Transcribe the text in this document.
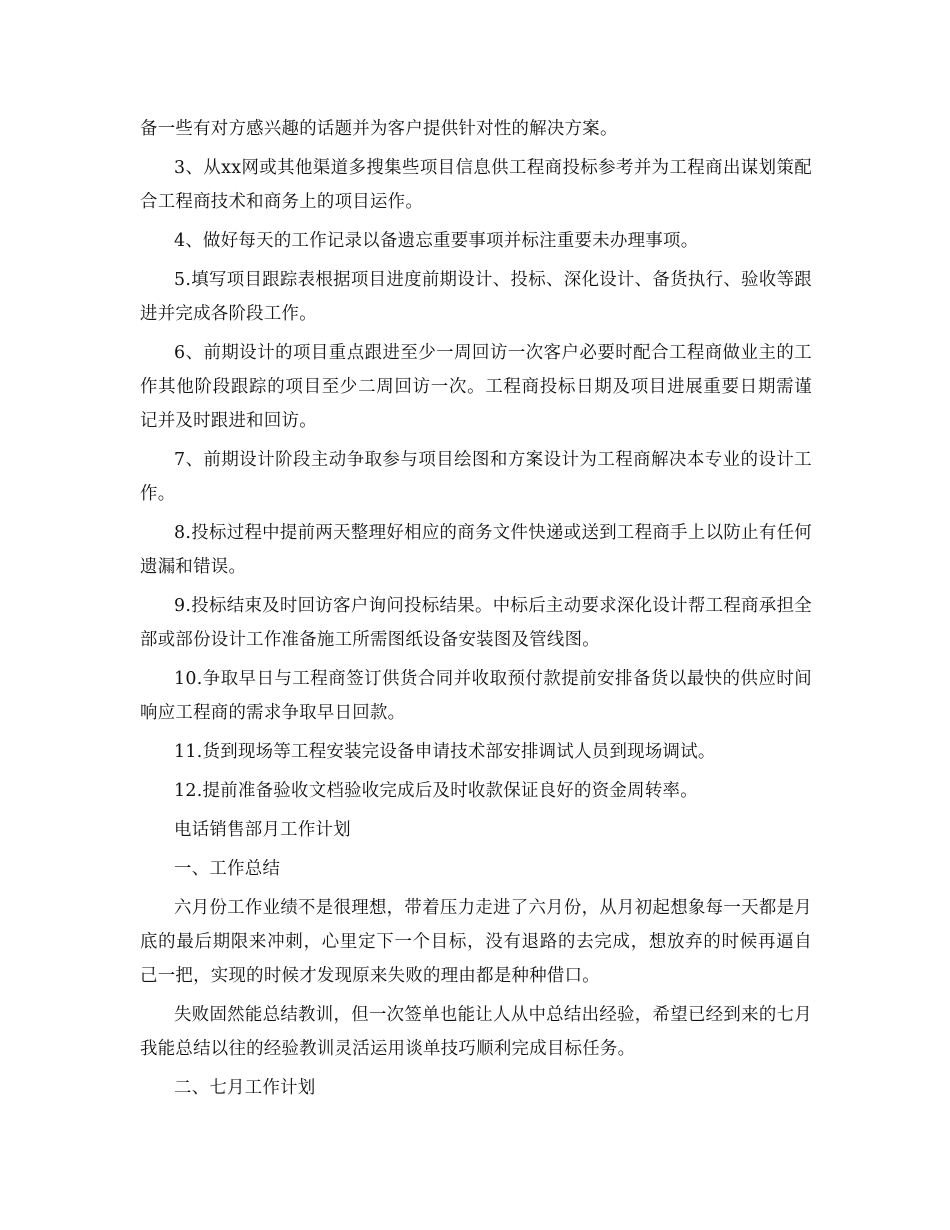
备一些有对方感兴趣的话题并为客户提供针对性的解决方案。

3、从xx网或其他渠道多搜集些项目信息供工程商投标参考并为工程商出谋划策配合工程商技术和商务上的项目运作。

4、做好每天的工作记录以备遗忘重要事项并标注重要未办理事项。

5.填写项目跟踪表根据项目进度前期设计、投标、深化设计、备货执行、验收等跟进并完成各阶段工作。

6、前期设计的项目重点跟进至少一周回访一次客户必要时配合工程商做业主的工作其他阶段跟踪的项目至少二周回访一次。工程商投标日期及项目进展重要日期需谨记并及时跟进和回访。

7、前期设计阶段主动争取参与项目绘图和方案设计为工程商解决本专业的设计工作。

8.投标过程中提前两天整理好相应的商务文件快递或送到工程商手上以防止有任何遗漏和错误。

9.投标结束及时回访客户询问投标结果。中标后主动要求深化设计帮工程商承担全部或部份设计工作准备施工所需图纸设备安装图及管线图。

10.争取早日与工程商签订供货合同并收取预付款提前安排备货以最快的供应时间响应工程商的需求争取早日回款。

11.货到现场等工程安装完设备申请技术部安排调试人员到现场调试。

12.提前准备验收文档验收完成后及时收款保证良好的资金周转率。

电话销售部月工作计划

一、工作总结

六月份工作业绩不是很理想，带着压力走进了六月份，从月初起想象每一天都是月底的最后期限来冲刺，心里定下一个目标，没有退路的去完成，想放弃的时候再逼自己一把，实现的时候才发现原来失败的理由都是种种借口。

失败固然能总结教训，但一次签单也能让人从中总结出经验，希望已经到来的七月我能总结以往的经验教训灵活运用谈单技巧顺利完成目标任务。

二、七月工作计划
